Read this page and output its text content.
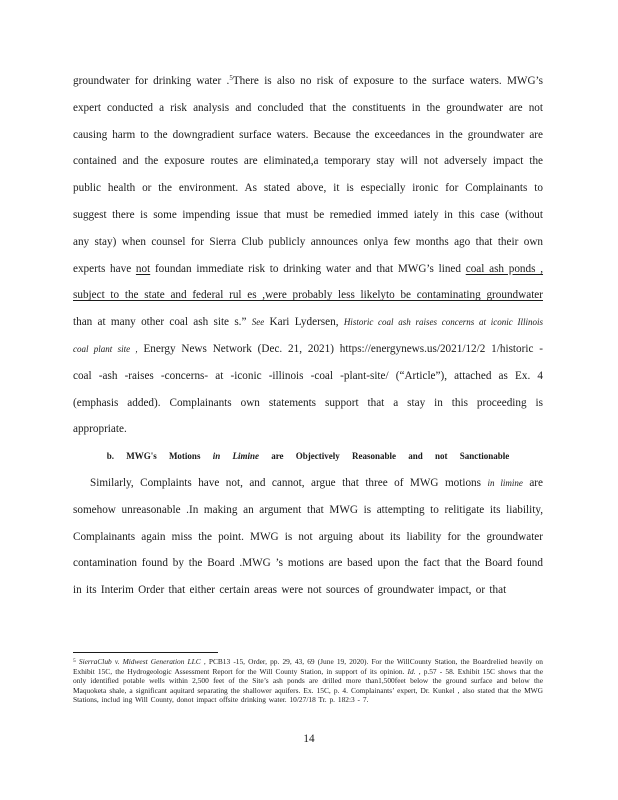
groundwater for drinking water .$^5$There is also no risk of exposure to the surface waters. MWG’s expert conducted a risk analysis and concluded that the constituents in the groundwater are not causing harm to the downgradient surface waters. Because the exceedances in the groundwater are contained and the exposure routes are eliminated,a temporary stay will not adversely impact the public health or the environment. As stated above, it is especially ironic for Complainants to suggest there is some impending issue that must be remedied immed iately in this case (without any stay) when counsel for Sierra Club publicly announces onlya few months ago that their own experts have not foundan immediate risk to drinking water and that MWG’s lined coal ash ponds , subject to the state and federal rul es ,were probably less likelyto be contaminating groundwater than at many other coal ash site s.” See Kari Lydersen, Historic coal ash raises concerns at iconic Illinois coal plant site , Energy News Network (Dec. 21, 2021) https://energynews.us/2021/12/2 1/historic -coal -ash -raises -concerns- at -iconic -illinois -coal -plant-site/ (“Article”), attached as Ex. 4 (emphasis added). Complainants own statements support that a stay in this proceeding is appropriate.

b. MWG's Motions in Limine are Objectively Reasonable and not Sanctionable

Similarly, Complaints have not, and cannot, argue that three of MWG motions in limine are somehow unreasonable .In making an argument that MWG is attempting to relitigate its liability, Complainants again miss the point. MWG is not arguing about its liability for the groundwater contamination found by the Board .MWG ’s motions are based upon the fact that the Board found in its Interim Order that either certain areas were not sources of groundwater impact, or that

$^5$ SierraClub v. Midwest Generation LLC , PCB13 -15, Order, pp. 29, 43, 69 (June 19, 2020). For the WillCounty Station, the Boardrelied heavily on Exhibit 15C, the Hydrogeologic Assessment Report for the Will County Station, in support of its opinion. Id. , p.57 - 58. Exhibit 15C shows that the only identified potable wells within 2,500 feet of the Site’s ash ponds are drilled more than1,500feet below the ground surface and below the Maquoketa shale, a significant aquitard separating the shallower aquifers. Ex. 15C, p. 4. Complainants’ expert, Dr. Kunkel , also stated that the MWG Stations, includ ing Will County, donot impact offsite drinking water. 10/27/18 Tr. p. 182:3 - 7.
14
